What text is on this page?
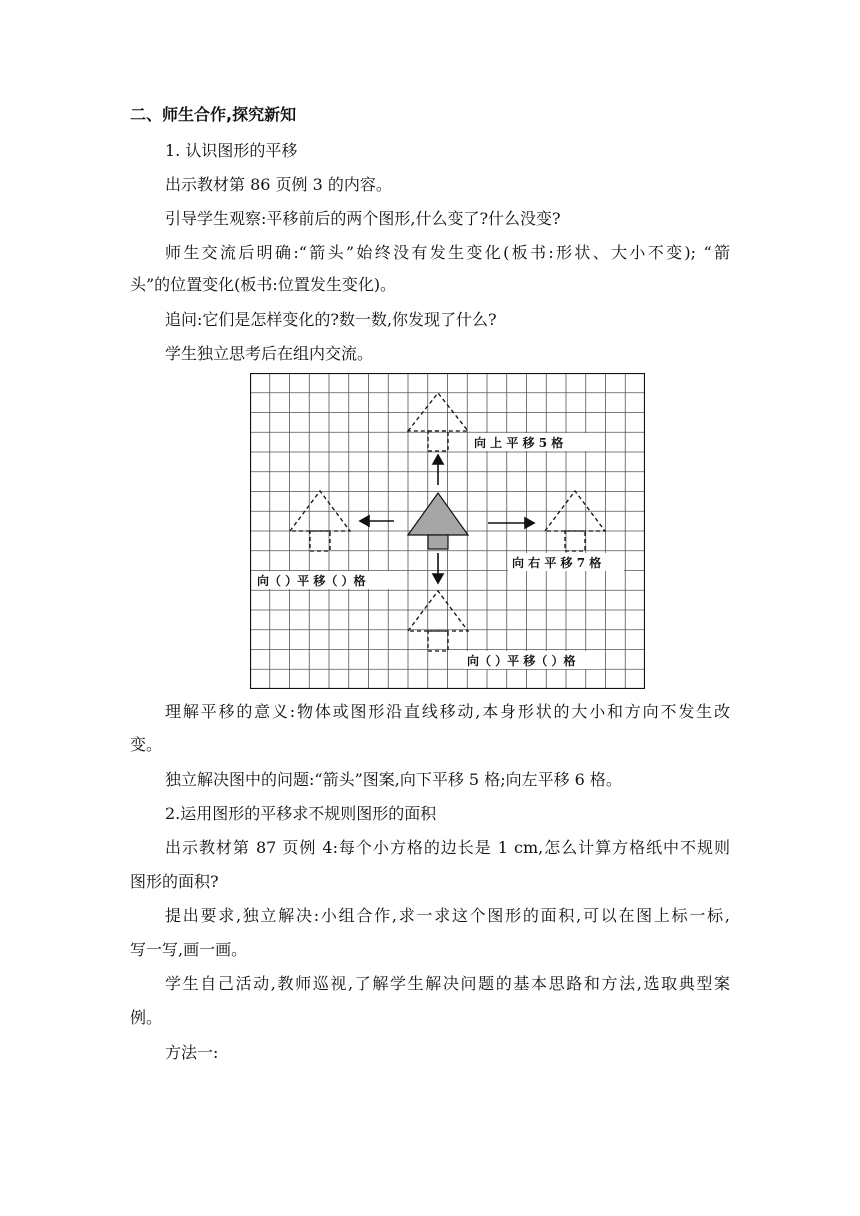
二、师生合作,探究新知
1. 认识图形的平移
出示教材第 86 页例 3 的内容。
引导学生观察:平移前后的两个图形,什么变了?什么没变?
师生交流后明确:“箭头”始终没有发生变化(板书:形状、大小不变); “箭
头”的位置变化(板书:位置发生变化)。
追问:它们是怎样变化的?数一数,你发现了什么?
学生独立思考后在组内交流。
向 上 平 移 5 格
向 右 平 移 7 格
向（ ）平 移（ ）格
向（ ）平 移（ ）格
理解平移的意义:物体或图形沿直线移动,本身形状的大小和方向不发生改
变。
独立解决图中的问题:“箭头”图案,向下平移 5 格;向左平移 6 格。
2.运用图形的平移求不规则图形的面积
出示教材第 87 页例 4:每个小方格的边长是 1 cm,怎么计算方格纸中不规则
图形的面积?
提出要求,独立解决:小组合作,求一求这个图形的面积,可以在图上标一标,
写一写,画一画。
学生自己活动,教师巡视,了解学生解决问题的基本思路和方法,选取典型案
例。
方法一:
